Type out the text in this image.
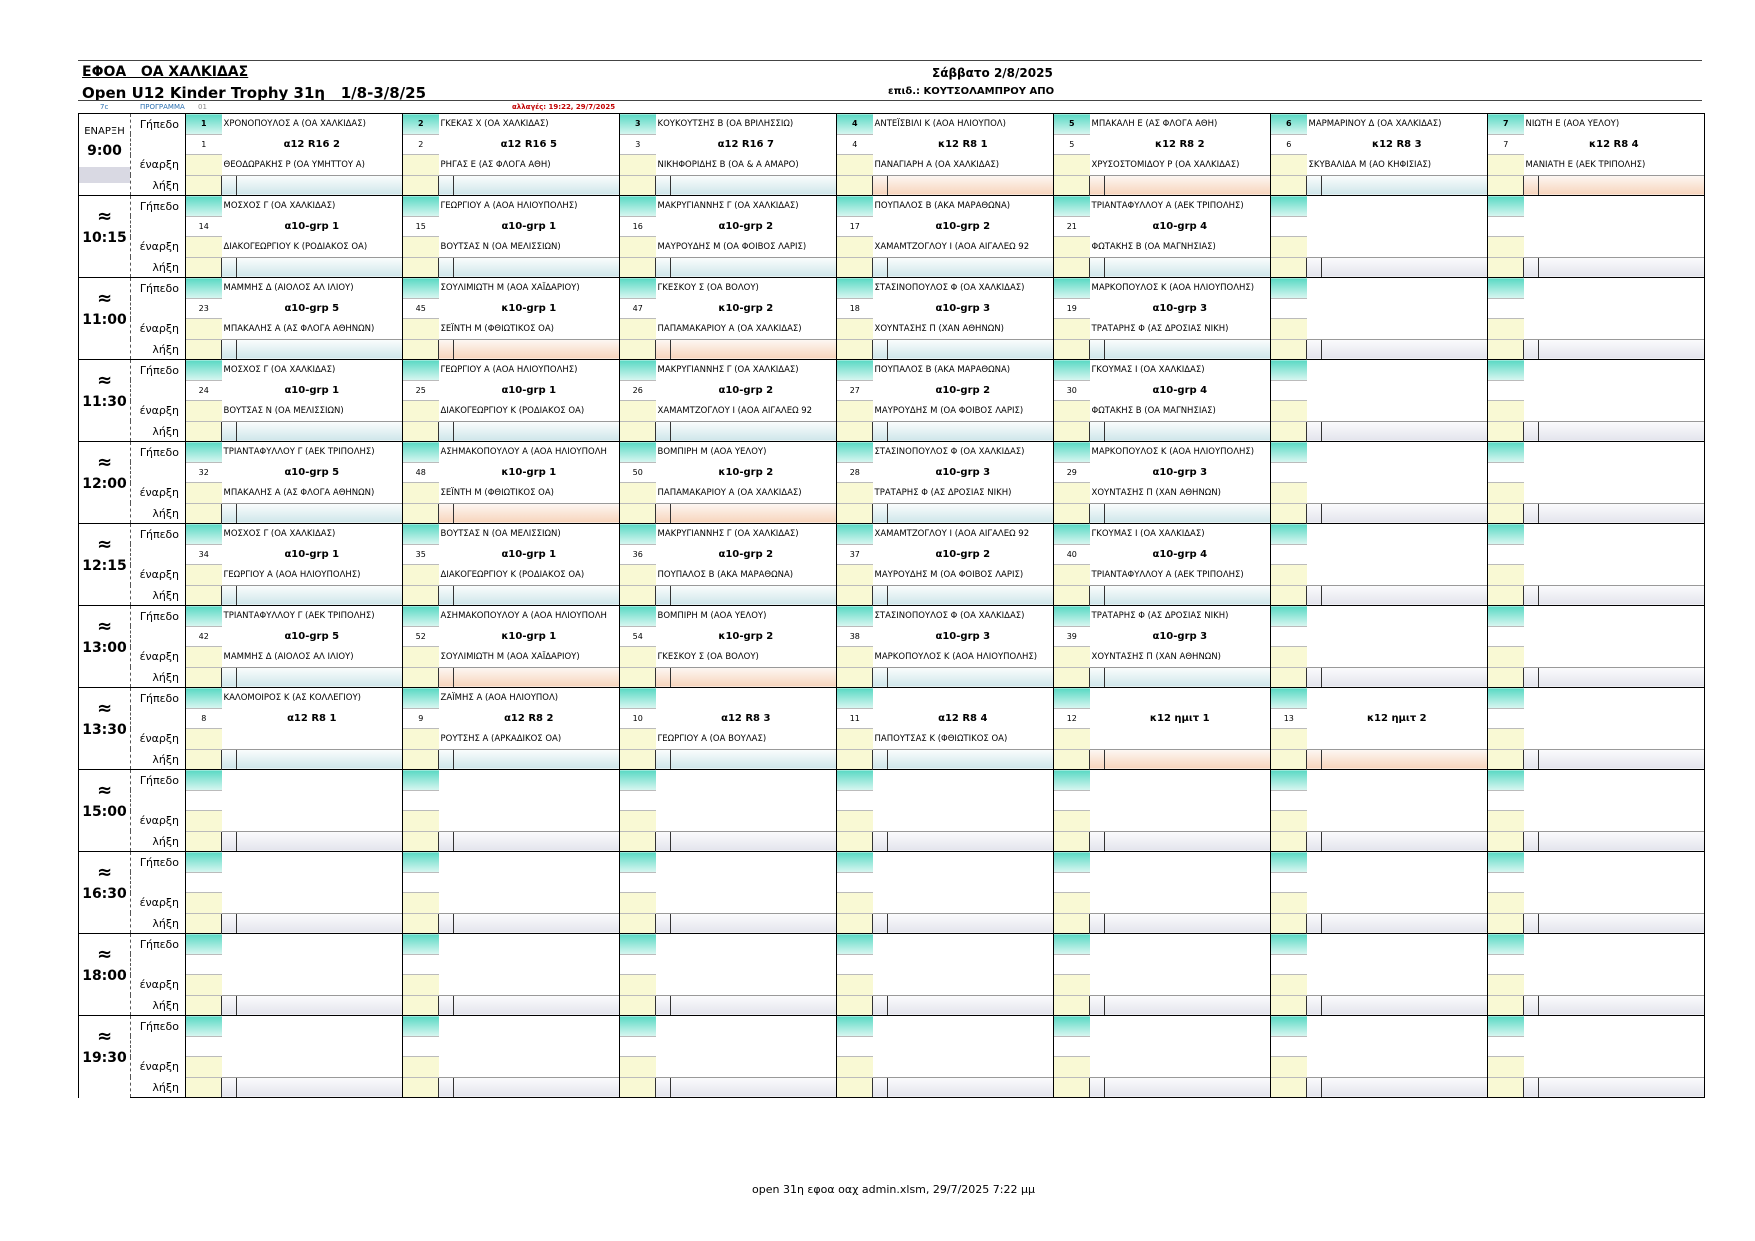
ΕΦΟΑ   ΟΑ ΧΑΛΚΙΔΑΣ
Open U12 Kinder Trophy 31η   1/8-3/8/25
Σάββατο 2/8/2025
επιδ.: ΚΟΥΤΣΟΛΑΜΠΡΟΥ ΑΠΟ
7c	ΠΡΟΓΡΑΜΜΑ 01	αλλαγές: 19:22, 29/7/2025
ΕΝΑΡΞΗ
9:00	Γήπεδο	1	ΧΡΟΝΟΠΟΥΛΟΣ Α (ΟΑ ΧΑΛΚΙΔΑΣ)		2	ΓΚΕΚΑΣ Χ (ΟΑ ΧΑΛΚΙΔΑΣ)		3	ΚΟΥΚΟΥΤΣΗΣ Β (ΟΑ ΒΡΙΛΗΣΣΙΩ)		4	ΑΝΤΕΪΣΒΙΛΙ Κ (ΑΟΑ ΗΛΙΟΥΠΟΛ)		5	ΜΠΑΚΑΛΗ Ε (ΑΣ ΦΛΟΓΑ ΑΘΗ)		6	ΜΑΡΜΑΡΙΝΟΥ Δ (ΟΑ ΧΑΛΚΙΔΑΣ)		7	ΝΙΩΤΗ Ε (ΑΟΑ ΥΕΛΟΥ)	
		1	α12 R16 2		2	α12 R16 5		3	α12 R16 7		4	κ12 R8 1		5	κ12 R8 2		6	κ12 R8 3		7	κ12 R8 4	
	έναρξη		ΘΕΟΔΩΡΑΚΗΣ Ρ (ΟΑ ΥΜΗΤΤΟΥ Α)			ΡΗΓΑΣ Ε (ΑΣ ΦΛΟΓΑ ΑΘΗ)			ΝΙΚΗΦΟΡΙΔΗΣ Β (ΟΑ & Α ΑΜΑΡΟ)			ΠΑΝΑΓΙΑΡΗ Α (ΟΑ ΧΑΛΚΙΔΑΣ)			ΧΡΥΣΟΣΤΟΜΙΔΟΥ Ρ (ΟΑ ΧΑΛΚΙΔΑΣ)			ΣΚΥΒΑΛΙΔΑ Μ (ΑΟ ΚΗΦΙΣΙΑΣ)			ΜΑΝΙΑΤΗ Ε (ΑΕΚ ΤΡΙΠΟΛΗΣ)	
	λήξη		

≈
10:15	Γήπεδο		ΜΟΣΧΟΣ Γ (ΟΑ ΧΑΛΚΙΔΑΣ)			ΓΕΩΡΓΙΟΥ Α (ΑΟΑ ΗΛΙΟΥΠΟΛΗΣ)			ΜΑΚΡΥΓΙΑΝΝΗΣ Γ (ΟΑ ΧΑΛΚΙΔΑΣ)			ΠΟΥΠΑΛΟΣ Β (ΑΚΑ ΜΑΡΑΘΩΝΑ)			ΤΡΙΑΝΤΑΦΥΛΛΟΥ Α (ΑΕΚ ΤΡΙΠΟΛΗΣ)							
		14	α10-grp 1		15	α10-grp 1		16	α10-grp 2		17	α10-grp 2		21	α10-grp 4							
	έναρξη		ΔΙΑΚΟΓΕΩΡΓΙΟΥ Κ (ΡΟΔΙΑΚΟΣ ΟΑ)			ΒΟΥΤΣΑΣ Ν (ΟΑ ΜΕΛΙΣΣΙΩΝ)			ΜΑΥΡΟΥΔΗΣ Μ (ΟΑ ΦΟΙΒΟΣ ΛΑΡΙΣ)			ΧΑΜΑΜΤΖΟΓΛΟΥ Ι (ΑΟΑ ΑΙΓΑΛΕΩ 92			ΦΩΤΑΚΗΣ Β (ΟΑ ΜΑΓΝΗΣΙΑΣ)							
	λήξη		

≈
11:00	Γήπεδο		ΜΑΜΜΗΣ Δ (ΑΙΟΛΟΣ ΑΛ ΙΛΙΟΥ)			ΣΟΥΛΙΜΙΩΤΗ Μ (ΑΟΑ ΧΑΪΔΑΡΙΟΥ)			ΓΚΕΣΚΟΥ Σ (ΟΑ ΒΟΛΟΥ)			ΣΤΑΣΙΝΟΠΟΥΛΟΣ Φ (ΟΑ ΧΑΛΚΙΔΑΣ)			ΜΑΡΚΟΠΟΥΛΟΣ Κ (ΑΟΑ ΗΛΙΟΥΠΟΛΗΣ)							
		23	α10-grp 5		45	κ10-grp 1		47	κ10-grp 2		18	α10-grp 3		19	α10-grp 3							
	έναρξη		ΜΠΑΚΑΛΗΣ Α (ΑΣ ΦΛΟΓΑ ΑΘΗΝΩΝ)			ΣΕΪΝΤΗ Μ (ΦΘΙΩΤΙΚΟΣ ΟΑ)			ΠΑΠΑΜΑΚΑΡΙΟΥ Α (ΟΑ ΧΑΛΚΙΔΑΣ)			ΧΟΥΝΤΑΣΗΣ Π (ΧΑΝ ΑΘΗΝΩΝ)			ΤΡΑΤΑΡΗΣ Φ (ΑΣ ΔΡΟΣΙΑΣ ΝΙΚΗ)							
	λήξη		

≈
11:30	Γήπεδο		ΜΟΣΧΟΣ Γ (ΟΑ ΧΑΛΚΙΔΑΣ)			ΓΕΩΡΓΙΟΥ Α (ΑΟΑ ΗΛΙΟΥΠΟΛΗΣ)			ΜΑΚΡΥΓΙΑΝΝΗΣ Γ (ΟΑ ΧΑΛΚΙΔΑΣ)			ΠΟΥΠΑΛΟΣ Β (ΑΚΑ ΜΑΡΑΘΩΝΑ)			ΓΚΟΥΜΑΣ Ι (ΟΑ ΧΑΛΚΙΔΑΣ)							
		24	α10-grp 1		25	α10-grp 1		26	α10-grp 2		27	α10-grp 2		30	α10-grp 4							
	έναρξη		ΒΟΥΤΣΑΣ Ν (ΟΑ ΜΕΛΙΣΣΙΩΝ)			ΔΙΑΚΟΓΕΩΡΓΙΟΥ Κ (ΡΟΔΙΑΚΟΣ ΟΑ)			ΧΑΜΑΜΤΖΟΓΛΟΥ Ι (ΑΟΑ ΑΙΓΑΛΕΩ 92			ΜΑΥΡΟΥΔΗΣ Μ (ΟΑ ΦΟΙΒΟΣ ΛΑΡΙΣ)			ΦΩΤΑΚΗΣ Β (ΟΑ ΜΑΓΝΗΣΙΑΣ)							
	λήξη		

≈
12:00	Γήπεδο		ΤΡΙΑΝΤΑΦΥΛΛΟΥ Γ (ΑΕΚ ΤΡΙΠΟΛΗΣ)			ΑΣΗΜΑΚΟΠΟΥΛΟΥ Α (ΑΟΑ ΗΛΙΟΥΠΟΛΗ			ΒΟΜΠΙΡΗ Μ (ΑΟΑ ΥΕΛΟΥ)			ΣΤΑΣΙΝΟΠΟΥΛΟΣ Φ (ΟΑ ΧΑΛΚΙΔΑΣ)			ΜΑΡΚΟΠΟΥΛΟΣ Κ (ΑΟΑ ΗΛΙΟΥΠΟΛΗΣ)							
		32	α10-grp 5		48	κ10-grp 1		50	κ10-grp 2		28	α10-grp 3		29	α10-grp 3							
	έναρξη		ΜΠΑΚΑΛΗΣ Α (ΑΣ ΦΛΟΓΑ ΑΘΗΝΩΝ)			ΣΕΪΝΤΗ Μ (ΦΘΙΩΤΙΚΟΣ ΟΑ)			ΠΑΠΑΜΑΚΑΡΙΟΥ Α (ΟΑ ΧΑΛΚΙΔΑΣ)			ΤΡΑΤΑΡΗΣ Φ (ΑΣ ΔΡΟΣΙΑΣ ΝΙΚΗ)			ΧΟΥΝΤΑΣΗΣ Π (ΧΑΝ ΑΘΗΝΩΝ)							
	λήξη		

≈
12:15	Γήπεδο		ΜΟΣΧΟΣ Γ (ΟΑ ΧΑΛΚΙΔΑΣ)			ΒΟΥΤΣΑΣ Ν (ΟΑ ΜΕΛΙΣΣΙΩΝ)			ΜΑΚΡΥΓΙΑΝΝΗΣ Γ (ΟΑ ΧΑΛΚΙΔΑΣ)			ΧΑΜΑΜΤΖΟΓΛΟΥ Ι (ΑΟΑ ΑΙΓΑΛΕΩ 92			ΓΚΟΥΜΑΣ Ι (ΟΑ ΧΑΛΚΙΔΑΣ)							
		34	α10-grp 1		35	α10-grp 1		36	α10-grp 2		37	α10-grp 2		40	α10-grp 4							
	έναρξη		ΓΕΩΡΓΙΟΥ Α (ΑΟΑ ΗΛΙΟΥΠΟΛΗΣ)			ΔΙΑΚΟΓΕΩΡΓΙΟΥ Κ (ΡΟΔΙΑΚΟΣ ΟΑ)			ΠΟΥΠΑΛΟΣ Β (ΑΚΑ ΜΑΡΑΘΩΝΑ)			ΜΑΥΡΟΥΔΗΣ Μ (ΟΑ ΦΟΙΒΟΣ ΛΑΡΙΣ)			ΤΡΙΑΝΤΑΦΥΛΛΟΥ Α (ΑΕΚ ΤΡΙΠΟΛΗΣ)							
	λήξη		

≈
13:00	Γήπεδο		ΤΡΙΑΝΤΑΦΥΛΛΟΥ Γ (ΑΕΚ ΤΡΙΠΟΛΗΣ)			ΑΣΗΜΑΚΟΠΟΥΛΟΥ Α (ΑΟΑ ΗΛΙΟΥΠΟΛΗ			ΒΟΜΠΙΡΗ Μ (ΑΟΑ ΥΕΛΟΥ)			ΣΤΑΣΙΝΟΠΟΥΛΟΣ Φ (ΟΑ ΧΑΛΚΙΔΑΣ)			ΤΡΑΤΑΡΗΣ Φ (ΑΣ ΔΡΟΣΙΑΣ ΝΙΚΗ)							
		42	α10-grp 5		52	κ10-grp 1		54	κ10-grp 2		38	α10-grp 3		39	α10-grp 3							
	έναρξη		ΜΑΜΜΗΣ Δ (ΑΙΟΛΟΣ ΑΛ ΙΛΙΟΥ)			ΣΟΥΛΙΜΙΩΤΗ Μ (ΑΟΑ ΧΑΪΔΑΡΙΟΥ)			ΓΚΕΣΚΟΥ Σ (ΟΑ ΒΟΛΟΥ)			ΜΑΡΚΟΠΟΥΛΟΣ Κ (ΑΟΑ ΗΛΙΟΥΠΟΛΗΣ)			ΧΟΥΝΤΑΣΗΣ Π (ΧΑΝ ΑΘΗΝΩΝ)							
	λήξη		

≈
13:30	Γήπεδο		ΚΑΛΟΜΟΙΡΟΣ Κ (ΑΣ ΚΟΛΛΕΓΙΟΥ)			ΖΑΪΜΗΣ Α (ΑΟΑ ΗΛΙΟΥΠΟΛ)																
		8	α12 R8 1		9	α12 R8 2		10	α12 R8 3		11	α12 R8 4		12	κ12 ημιτ 1		13	κ12 ημιτ 2				
	έναρξη					ΡΟΥΤΣΗΣ Α (ΑΡΚΑΔΙΚΟΣ ΟΑ)			ΓΕΩΡΓΙΟΥ Α (ΟΑ ΒΟΥΛΑΣ)			ΠΑΠΟΥΤΣΑΣ Κ (ΦΘΙΩΤΙΚΟΣ ΟΑ)										
	λήξη		

≈
15:00	Γήπεδο																					

	έναρξη																					
	λήξη		

≈
16:30	Γήπεδο																					

	έναρξη																					
	λήξη		

≈
18:00	Γήπεδο																					

	έναρξη																					
	λήξη		

≈
19:30	Γήπεδο																					

	έναρξη																					
	λήξη		

open 31η εφοα οαχ admin.xlsm, 29/7/2025 7:22 μμ
